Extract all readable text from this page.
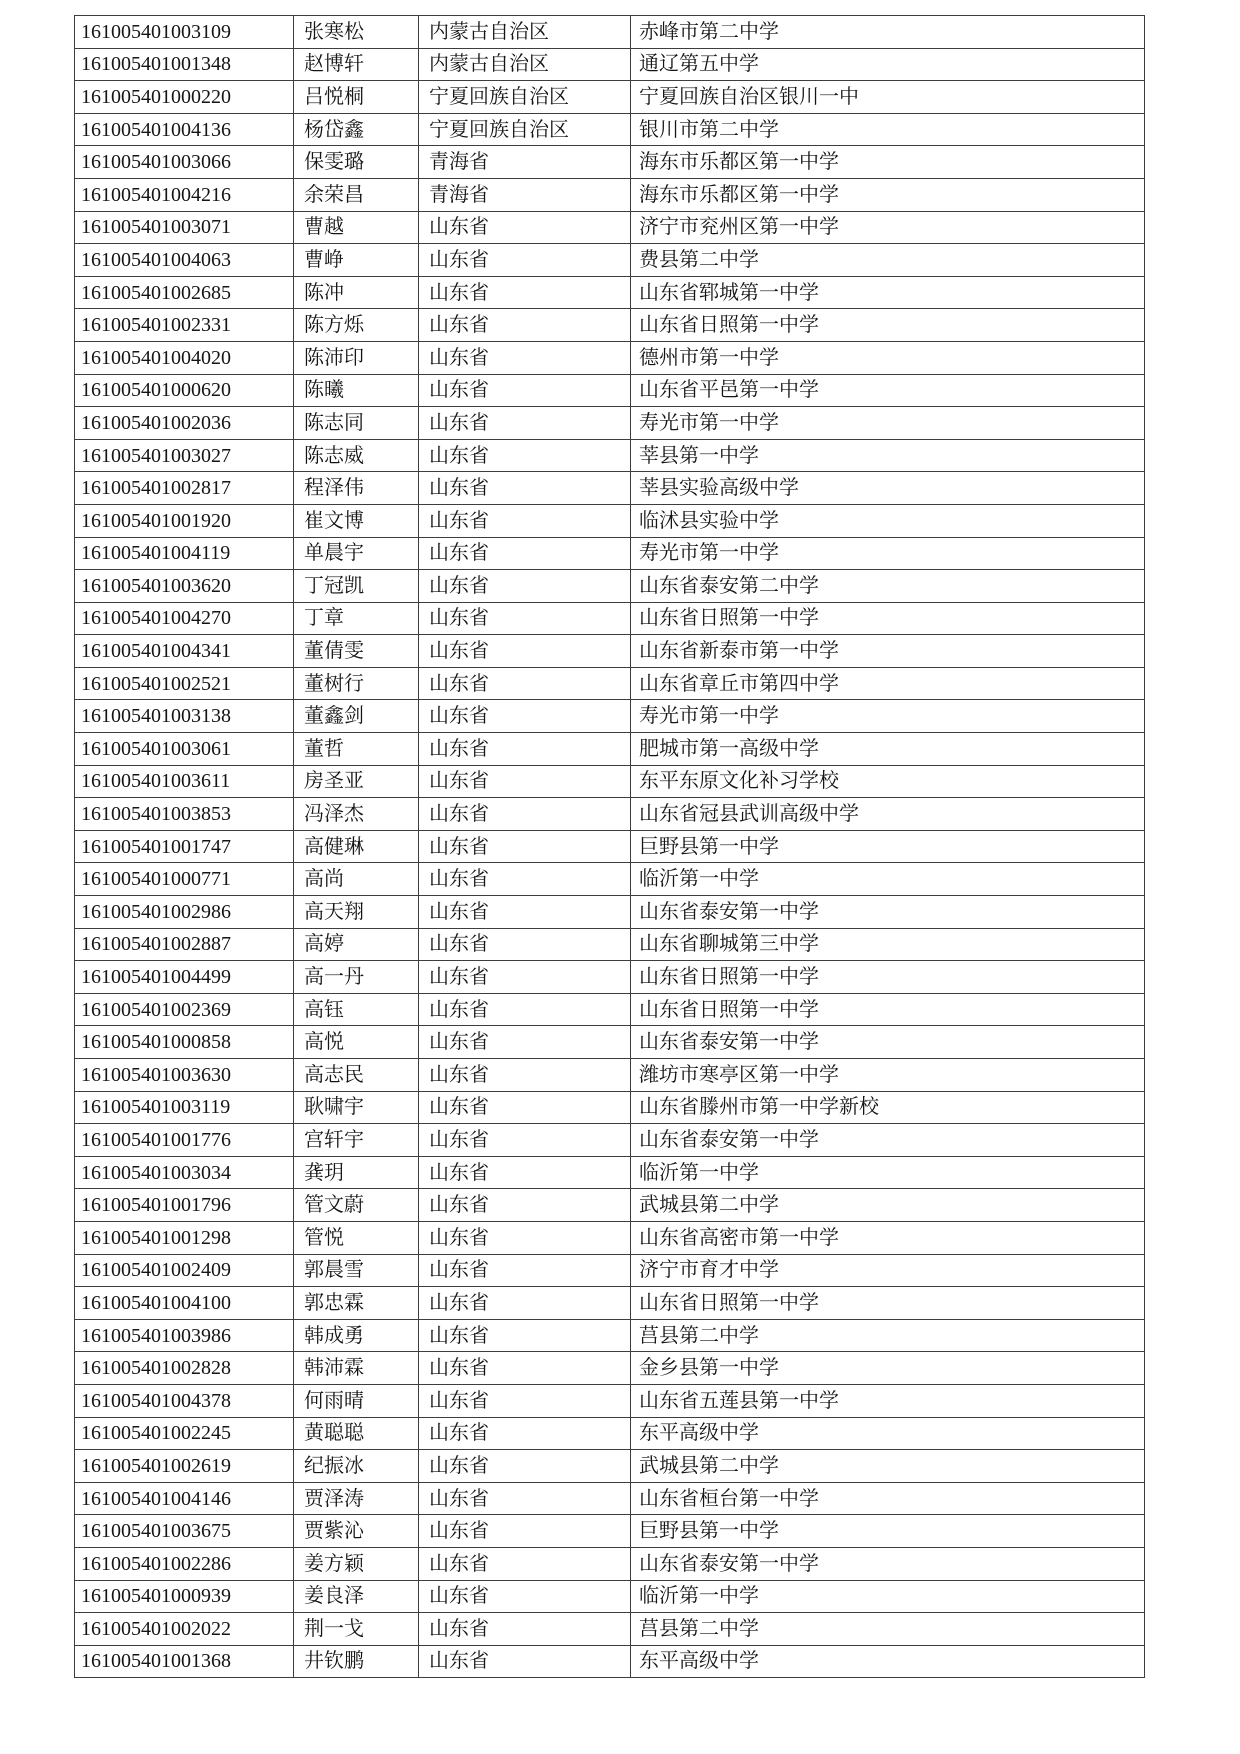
161005401003109	张寒松	内蒙古自治区	赤峰市第二中学
161005401001348	赵博轩	内蒙古自治区	通辽第五中学
161005401000220	吕悦桐	宁夏回族自治区	宁夏回族自治区银川一中
161005401004136	杨岱鑫	宁夏回族自治区	银川市第二中学
161005401003066	保雯璐	青海省	海东市乐都区第一中学
161005401004216	余荣昌	青海省	海东市乐都区第一中学
161005401003071	曹越	山东省	济宁市兖州区第一中学
161005401004063	曹峥	山东省	费县第二中学
161005401002685	陈冲	山东省	山东省郓城第一中学
161005401002331	陈方烁	山东省	山东省日照第一中学
161005401004020	陈沛印	山东省	德州市第一中学
161005401000620	陈曦	山东省	山东省平邑第一中学
161005401002036	陈志同	山东省	寿光市第一中学
161005401003027	陈志威	山东省	莘县第一中学
161005401002817	程泽伟	山东省	莘县实验高级中学
161005401001920	崔文博	山东省	临沭县实验中学
161005401004119	单晨宇	山东省	寿光市第一中学
161005401003620	丁冠凯	山东省	山东省泰安第二中学
161005401004270	丁章	山东省	山东省日照第一中学
161005401004341	董倩雯	山东省	山东省新泰市第一中学
161005401002521	董树行	山东省	山东省章丘市第四中学
161005401003138	董鑫剑	山东省	寿光市第一中学
161005401003061	董哲	山东省	肥城市第一高级中学
161005401003611	房圣亚	山东省	东平东原文化补习学校
161005401003853	冯泽杰	山东省	山东省冠县武训高级中学
161005401001747	高健琳	山东省	巨野县第一中学
161005401000771	高尚	山东省	临沂第一中学
161005401002986	高天翔	山东省	山东省泰安第一中学
161005401002887	高婷	山东省	山东省聊城第三中学
161005401004499	高一丹	山东省	山东省日照第一中学
161005401002369	高钰	山东省	山东省日照第一中学
161005401000858	高悦	山东省	山东省泰安第一中学
161005401003630	高志民	山东省	潍坊市寒亭区第一中学
161005401003119	耿啸宇	山东省	山东省滕州市第一中学新校
161005401001776	宫轩宇	山东省	山东省泰安第一中学
161005401003034	龚玥	山东省	临沂第一中学
161005401001796	管文蔚	山东省	武城县第二中学
161005401001298	管悦	山东省	山东省高密市第一中学
161005401002409	郭晨雪	山东省	济宁市育才中学
161005401004100	郭忠霖	山东省	山东省日照第一中学
161005401003986	韩成勇	山东省	莒县第二中学
161005401002828	韩沛霖	山东省	金乡县第一中学
161005401004378	何雨晴	山东省	山东省五莲县第一中学
161005401002245	黄聪聪	山东省	东平高级中学
161005401002619	纪振冰	山东省	武城县第二中学
161005401004146	贾泽涛	山东省	山东省桓台第一中学
161005401003675	贾紫沁	山东省	巨野县第一中学
161005401002286	姜方颖	山东省	山东省泰安第一中学
161005401000939	姜良泽	山东省	临沂第一中学
161005401002022	荆一戈	山东省	莒县第二中学
161005401001368	井钦鹏	山东省	东平高级中学
